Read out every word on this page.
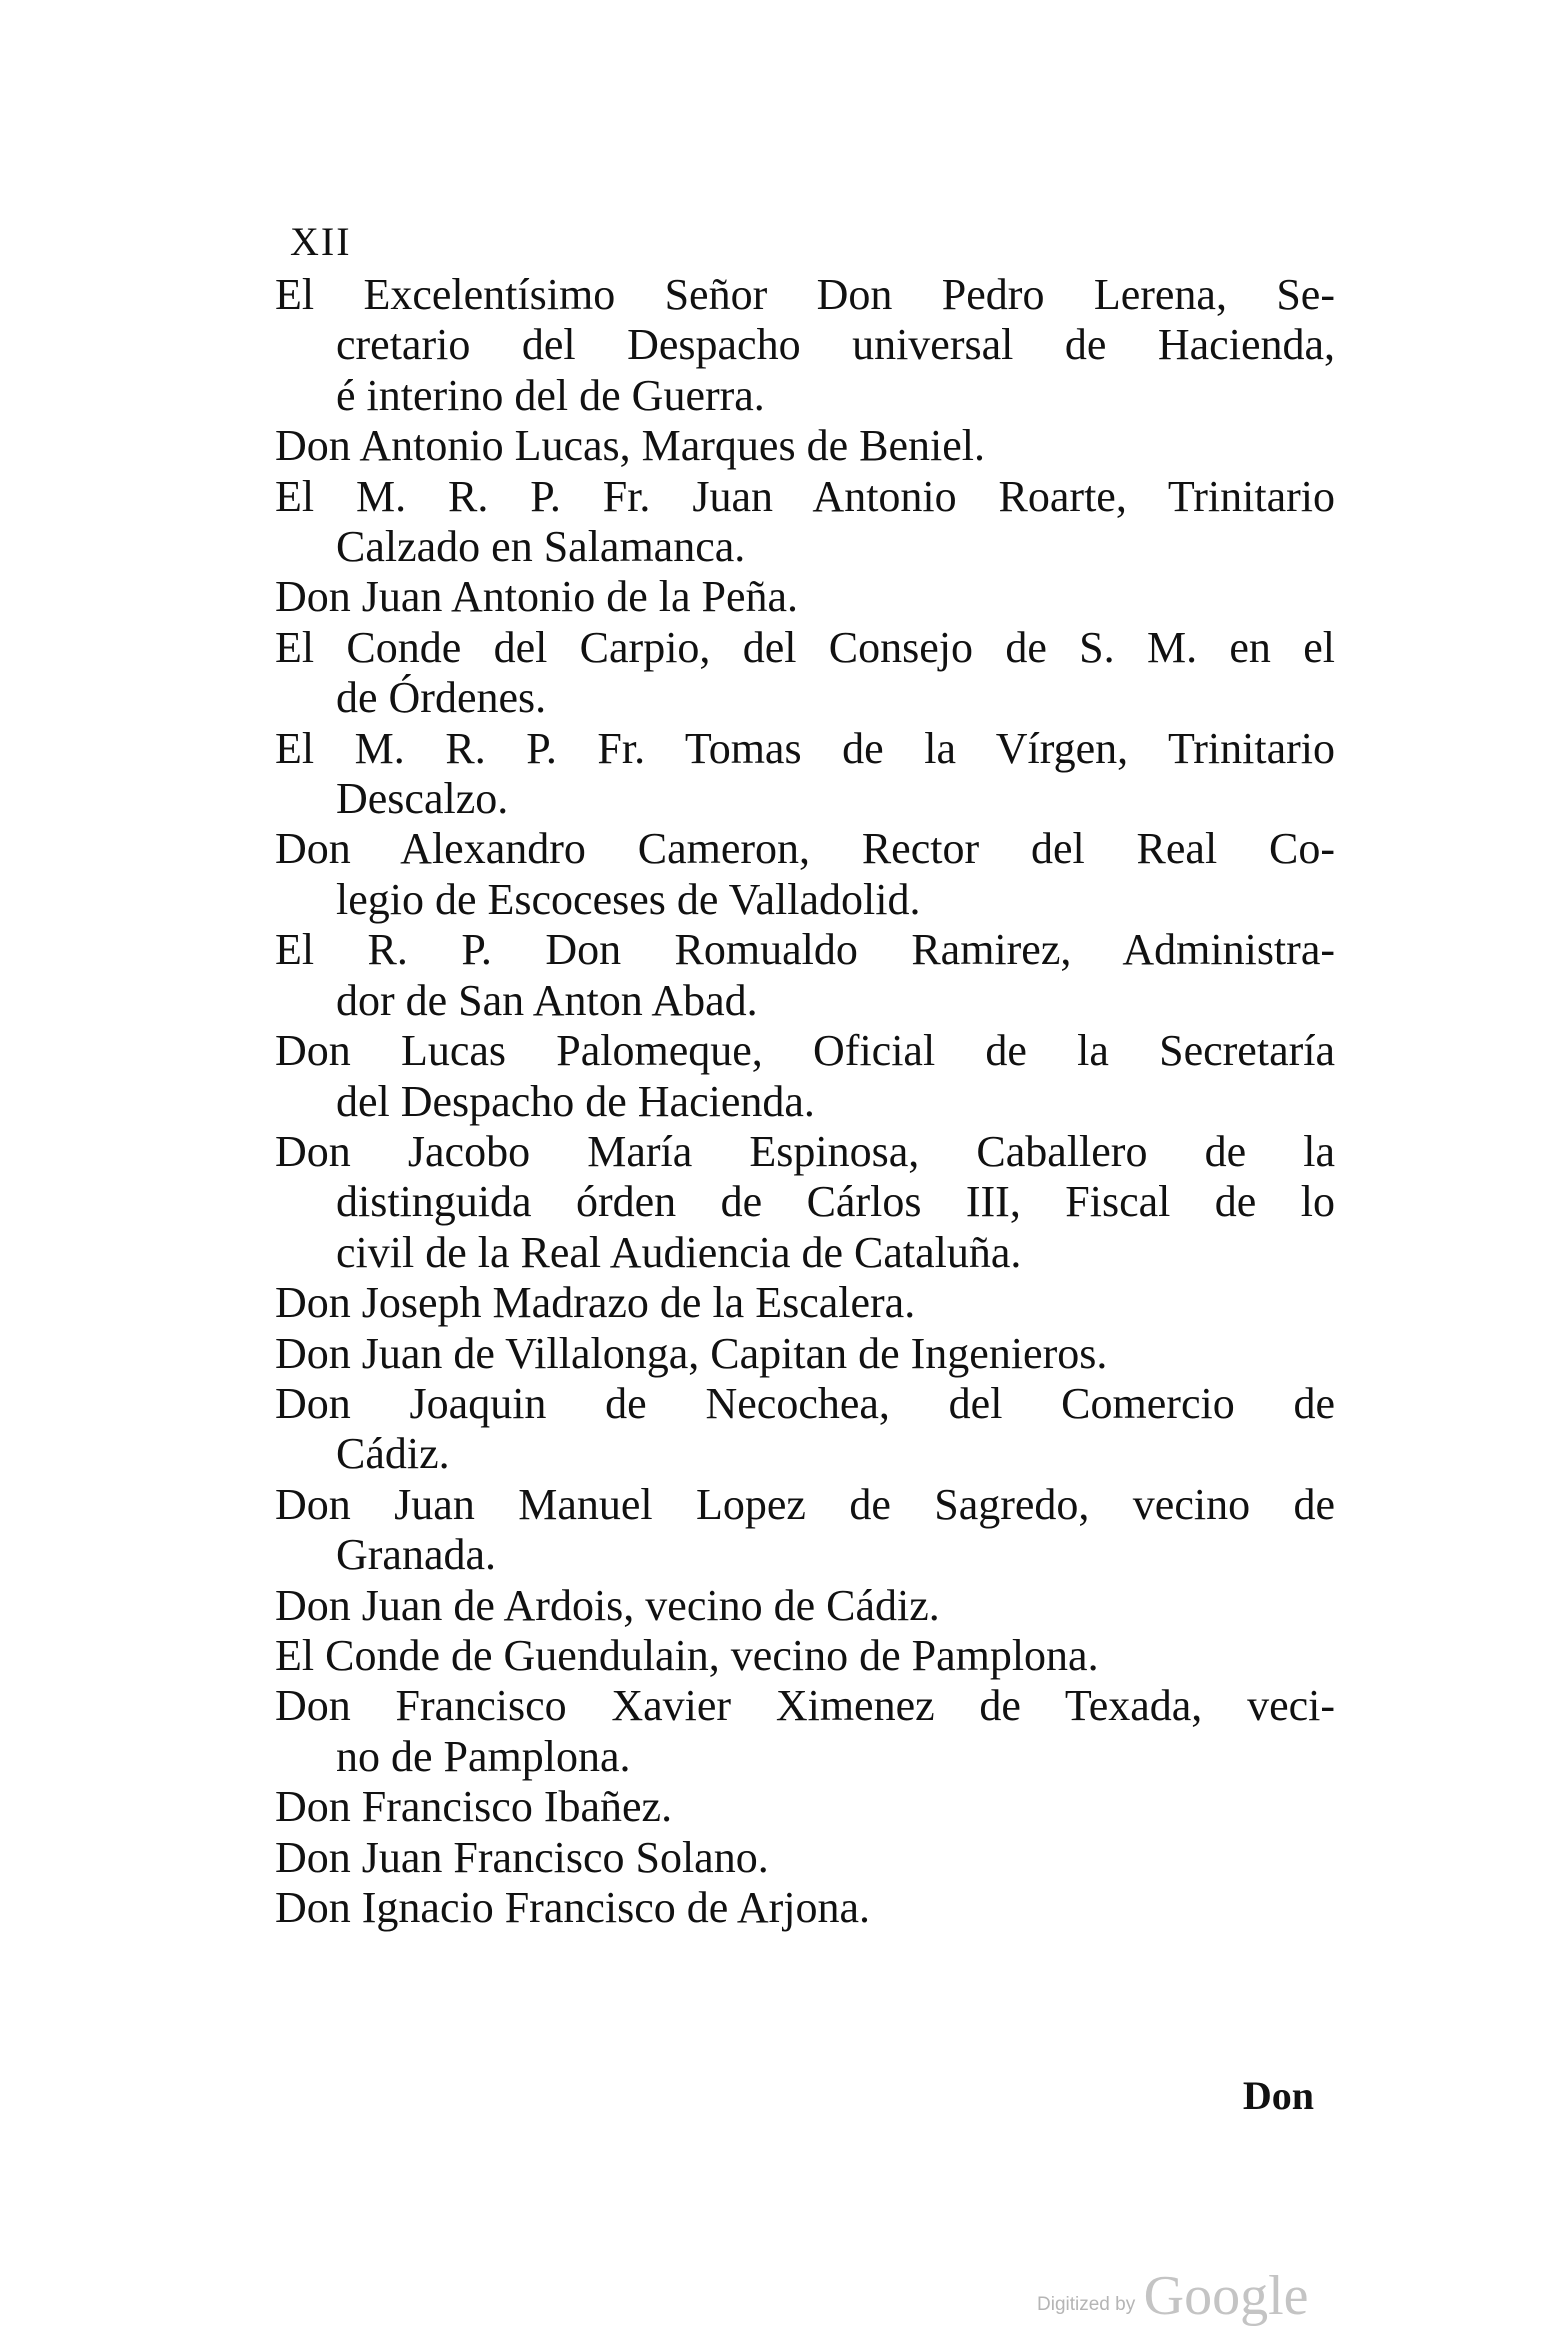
XII

El Excelentísimo Señor Don Pedro Lerena, Se-
cretario del Despacho universal de Hacienda,
é interino del de Guerra.

Don Antonio Lucas, Marques de Beniel.

El M. R. P. Fr. Juan Antonio Roarte, Trinitario
Calzado en Salamanca.

Don Juan Antonio de la Peña.

El Conde del Carpio, del Consejo de S. M. en el
de Órdenes.

El M. R. P. Fr. Tomas de la Vírgen, Trinitario
Descalzo.

Don Alexandro Cameron, Rector del Real Co-
legio de Escoceses de Valladolid.

El R. P. Don Romualdo Ramirez, Administra-
dor de San Anton Abad.

Don Lucas Palomeque, Oficial de la Secretaría
del Despacho de Hacienda.

Don Jacobo María Espinosa, Caballero de la
distinguida órden de Cárlos III, Fiscal de lo
civil de la Real Audiencia de Cataluña.

Don Joseph Madrazo de la Escalera.

Don Juan de Villalonga, Capitan de Ingenieros.

Don Joaquin de Necochea, del Comercio de
Cádiz.

Don Juan Manuel Lopez de Sagredo, vecino de
Granada.

Don Juan de Ardois, vecino de Cádiz.

El Conde de Guendulain, vecino de Pamplona.

Don Francisco Xavier Ximenez de Texada, veci-
no de Pamplona.

Don Francisco Ibañez.

Don Juan Francisco Solano.

Don Ignacio Francisco de Arjona.

Don
Digitized by Google
